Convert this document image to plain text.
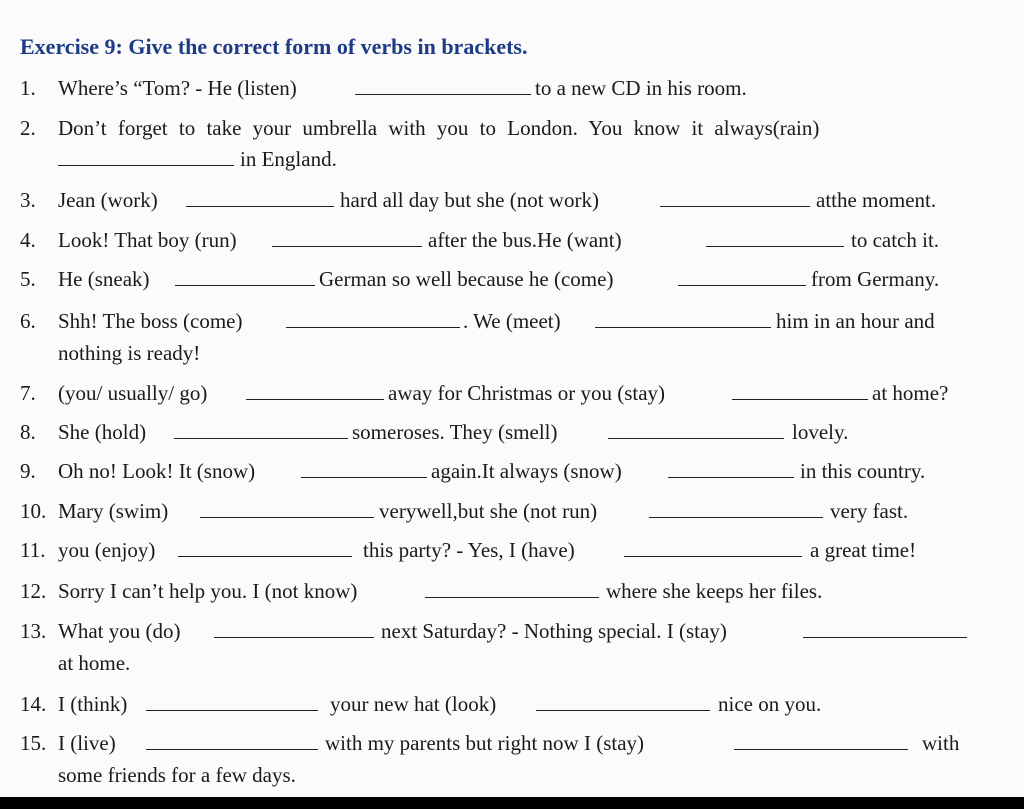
Exercise 9: Give the correct form of verbs in brackets.
1. Where’s “Tom? - He (listen)	to a new CD in his room.
2. Don’t forget to take your umbrella with you to London. You know it always(rain)
in England.
3. Jean (work)	hard all day but she (not work)	atthe moment.
4. Look! That boy (run)	after the bus.He (want)	to catch it.
5. He (sneak)	German so well because he (come)	from Germany.
6. Shh! The boss (come)	. We (meet)	him in an hour and
nothing is ready!
7. (you/ usually/ go)	away for Christmas or you (stay)	at home?
8. She (hold)	someroses. They (smell)	lovely.
9. Oh no! Look! It (snow)	again.It always (snow)	in this country.
10. Mary (swim)	verywell,but she (not run)	very fast.
11. you (enjoy)	this party? - Yes, I (have)	a great time!
12. Sorry I can’t help you. I (not know)	where she keeps her files.
13. What you (do)	next Saturday? - Nothing special. I (stay)
at home.
14. I (think)	your new hat (look)	nice on you.
15. I (live)	with my parents but right now I (stay)	with
some friends for a few days.
